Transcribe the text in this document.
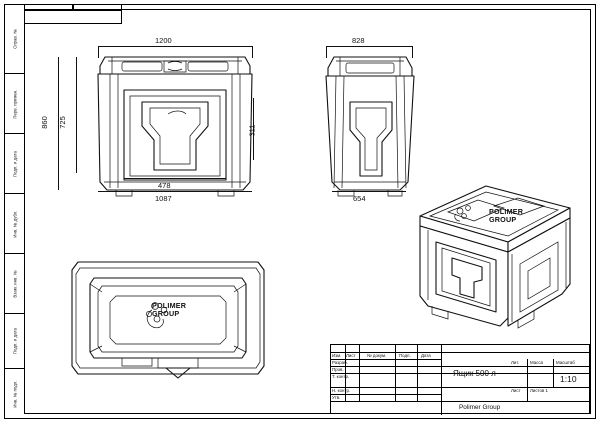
Справ. №
Перв. примен.
Подп. и дата
Инв. № дубл.
Взам. инв. №
Подп. и дата
Инв. № подл.
1200
1087
478
860 725
311
828
654
POLIMER
GROUP
POLIMER
GROUP
Изм. Лист	№ докум.	Подп. Дата
Разраб.
Пров.
Т. контр.
Н. контр.
Утв.
Лит. Масса	Масштаб
1:10
Лист Листов 1
Ящик 500 л
Polimer Group
